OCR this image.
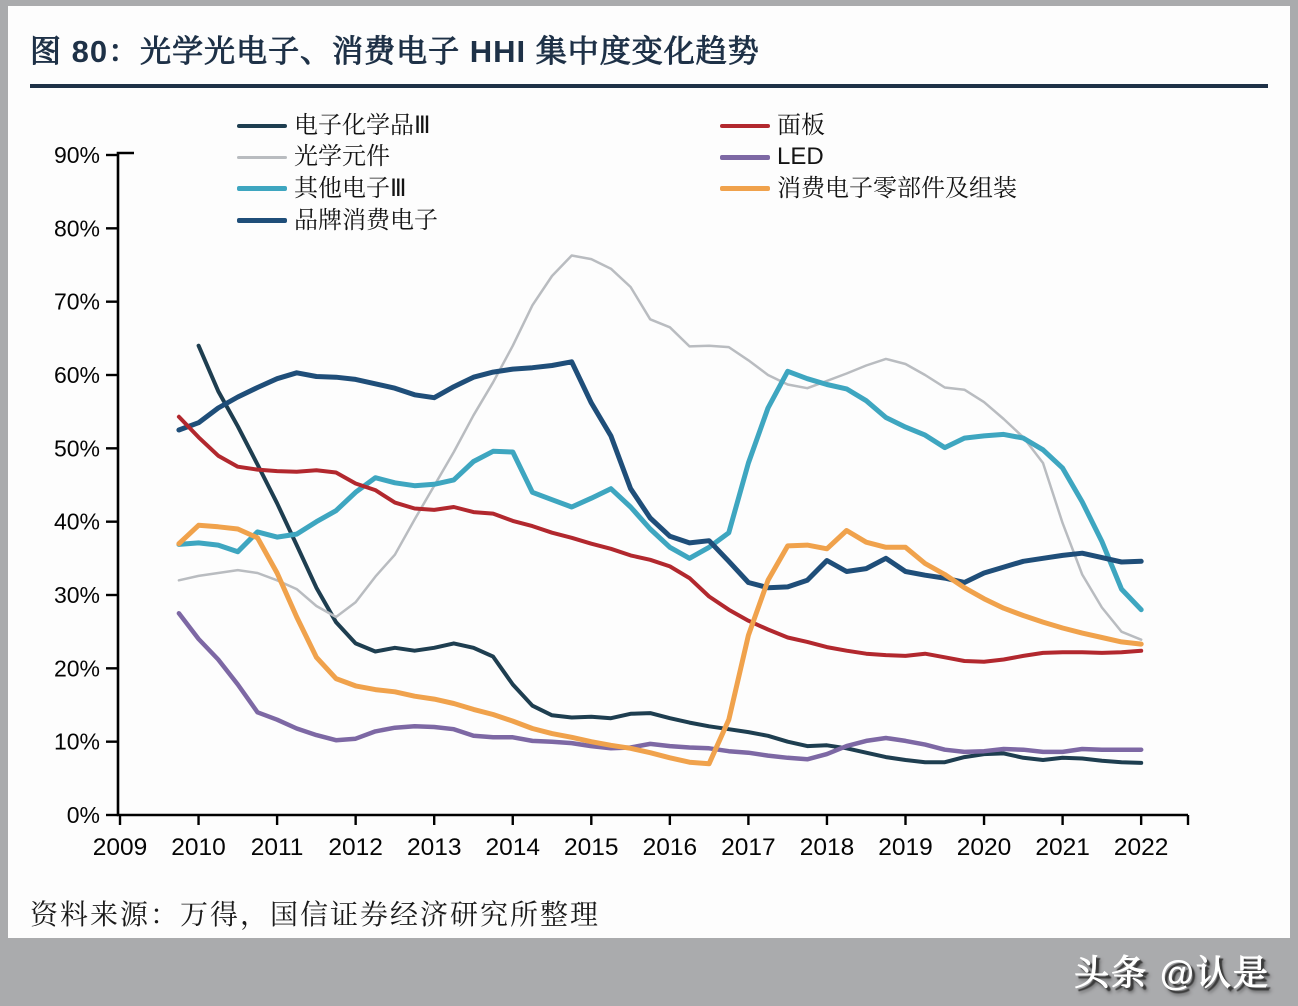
图 80：光学光电子、消费电子 HHI 集中度变化趋势
0%
10%
20%
30%
40%
50%
60%
70%
80%
90%
2009 2010 2011 2012 2013 2014 2015 2016 2017 2018 2019 2020 2021 2022
电子化学品Ⅲ
光学元件
其他电子Ⅲ
品牌消费电子
面板
LED
消费电子零部件及组装
资料来源：万得，国信证券经济研究所整理
头条 @认是
